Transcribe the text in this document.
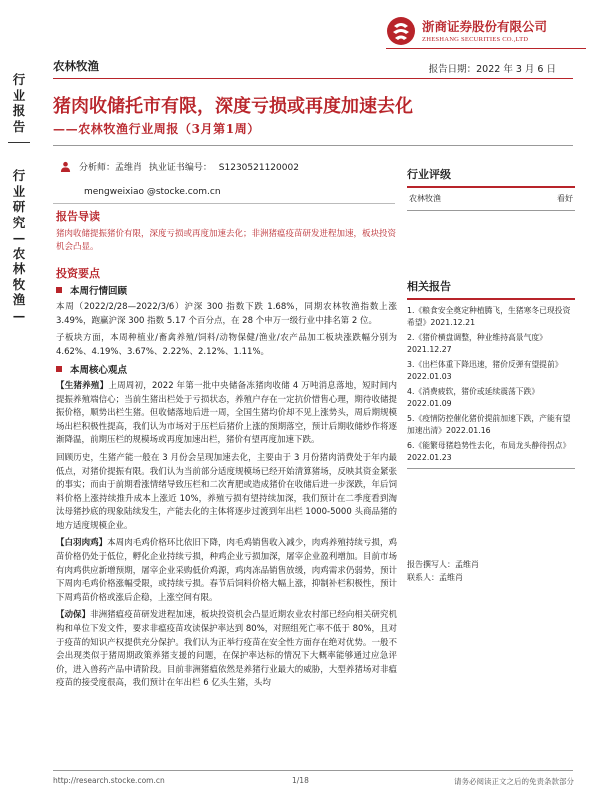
浙商证券股份有限公司
ZHESHANG SECURITIES CO.,LTD
行业报告
行业研究—农林牧渔—
农林牧渔	报告日期：2022 年 3 月 6 日
猪肉收储托市有限，深度亏损或再度加速去化
——农林牧渔行业周报（3月第1周）
分析师：孟维肖 执业证书编号： S1230521120002
mengweixiao @stocke.com.cn
报告导读
猪肉收储提振猪价有限，深度亏损或再度加速去化；非洲猪瘟疫苗研发进程加速，板块投资机会凸显。
投资要点
本周行情回顾

本周（2022/2/28—2022/3/6）沪深 300 指数下跌 1.68%，同期农林牧渔指数上涨 3.49%，跑赢沪深 300 指数 5.17 个百分点，在 28 个申万一级行业中排名第 2 位。

子板块方面，本周种植业/畜禽养殖/饲料/动物保健/渔业/农产品加工板块涨跌幅分别为 4.62%、4.19%、3.67%、2.22%、2.12%、1.11%。

本周核心观点

【生猪养殖】上周周初，2022 年第一批中央储备冻猪肉收储 4 万吨消息落地，短时间内提振养殖端信心；当前生猪出栏处于亏损状态，养殖户存在一定抗价惜售心理，期待收储提振价格，顺势出栏生猪。但收储落地后进一周，全国生猪均价却不见上涨势头，周后期规模场出栏积极性提高，我们认为市场对于压栏后猪价上涨的预期落空，预计后期收储炒作将逐渐降温，前期压栏的规模场或再度加速出栏，猪价有望再度加速下跌。

回顾历史，生猪产能一般在 3 月份会呈现加速去化，主要由于 3 月份猪肉消费处于年内最低点，对猪价提振有限。我们认为当前部分适度规模场已经开始清算猪场，反映其资金紧张的事实；而由于前期看涨情绪导致压栏和二次育肥或造成猪价在收储后进一步深跌，年后饲料价格上涨持续推升成本上涨近 10%，养殖亏损有望持续加深，我们预计在二季度看到淘汰母猪抄底的现象陆续发生，产能去化的主体将逐步过渡到年出栏 1000-5000 头商品猪的地方适度规模企业。

【白羽肉鸡】本周肉毛鸡价格环比依旧下降，肉毛鸡销售收入减少，肉鸡养殖持续亏损，鸡苗价格仍处于低位，孵化企业持续亏损，种鸡企业亏损加深，屠宰企业盈利增加。目前市场有肉鸡供应新增预期，屠宰企业采购低价鸡源，鸡肉冻品销售放缓，肉鸡需求仍弱势，预计下周肉毛鸡价格涨幅受限，或持续亏损。春节后饲料价格大幅上涨，抑制补栏积极性，预计下周鸡苗价格或涨后企稳，上涨空间有限。

【动保】非洲猪瘟疫苗研发进程加速，板块投资机会凸显近期农业农村部已经向相关研究机构和单位下发文件，要求非瘟疫苗攻读保护率达到 80%，对照组死亡率不低于 80%，且对于疫苗的知识产权提供充分保护。我们认为正举行疫苗在安全性方面存在绝对优势。一般不会出现类似于猪周期政策养猪支援的问题，在保护率达标的情况下大概率能够通过应急评价，进入兽药产品申请阶段。目前非洲猪瘟依然是养猪行业最大的威胁，大型养猪场对非瘟疫苗的接受度很高，我们预计在年出栏 6 亿头生猪，头均

行业评级
农林牧渔	看好
相关报告
1.《粮食安全奠定种植腾飞，生猪寒冬已现投资希望》2021.12.21
2.《猪价横盘调整，种业维持高景气度》2021.12.27
3.《出栏体重下降迅速，猪价反弹有望提前》2022.01.03
4.《消费疲软，猪价或延续震荡下跌》2022.01.09
5.《疫情防控催化猪价提前加速下跌，产能有望加速出清》2022.01.16
6.《能繁母猪趋势性去化，布局龙头静待拐点》2022.01.23
报告撰写人：孟维肖
联系人：孟维肖
http://research.stocke.com.cn	1/18	请务必阅读正文之后的免责条款部分
